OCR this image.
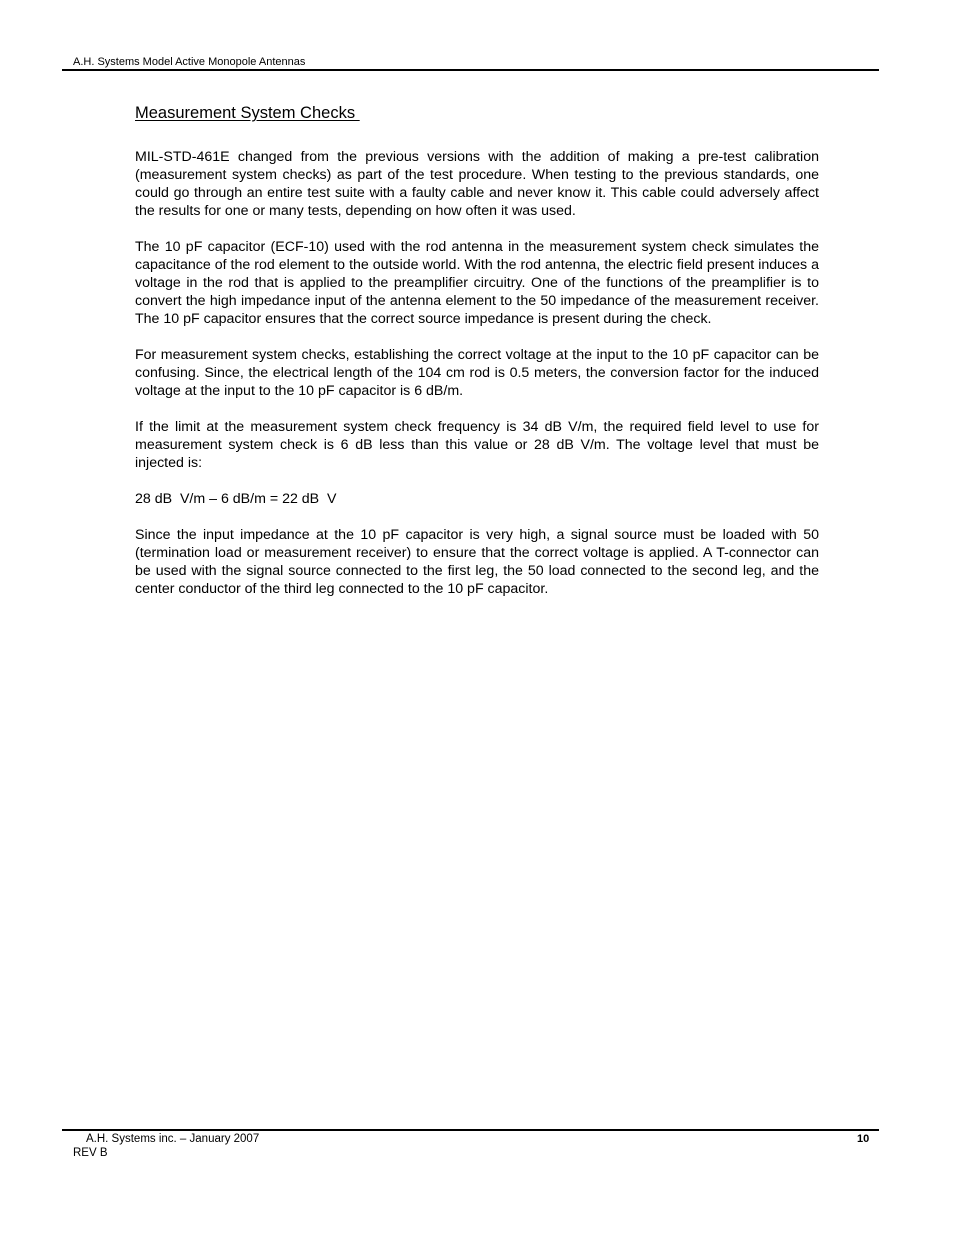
A.H. Systems Model Active Monopole Antennas
Measurement System Checks

MIL-STD-461E changed from the previous versions with the addition of making a pre-test calibration (measurement system checks) as part of the test procedure. When testing to the previous standards, one could go through an entire test suite with a faulty cable and never know it. This cable could adversely affect the results for one or many tests, depending on how often it was used.

The 10 pF capacitor (ECF-10) used with the rod antenna in the measurement system check simulates the capacitance of the rod element to the outside world. With the rod antenna, the electric field present induces a voltage in the rod that is applied to the preamplifier circuitry. One of the functions of the preamplifier is to convert the high impedance input of the antenna element to the 50 impedance of the measurement receiver. The 10 pF capacitor ensures that the correct source impedance is present during the check.

For measurement system checks, establishing the correct voltage at the input to the 10 pF capacitor can be confusing. Since, the electrical length of the 104 cm rod is 0.5 meters, the conversion factor for the induced voltage at the input to the 10 pF capacitor is 6 dB/m.

If the limit at the measurement system check frequency is 34 dB V/m, the required field level to use for measurement system check is 6 dB less than this value or 28 dB V/m. The voltage level that must be injected is:

28 dB  V/m – 6 dB/m = 22 dB  V

Since the input impedance at the 10 pF capacitor is very high, a signal source must be loaded with 50 (termination load or measurement receiver) to ensure that the correct voltage is applied. A T-connector can be used with the signal source connected to the first leg, the 50 load connected to the second leg, and the center conductor of the third leg connected to the 10 pF capacitor.

A.H. Systems inc. – January 2007
REV B
10
